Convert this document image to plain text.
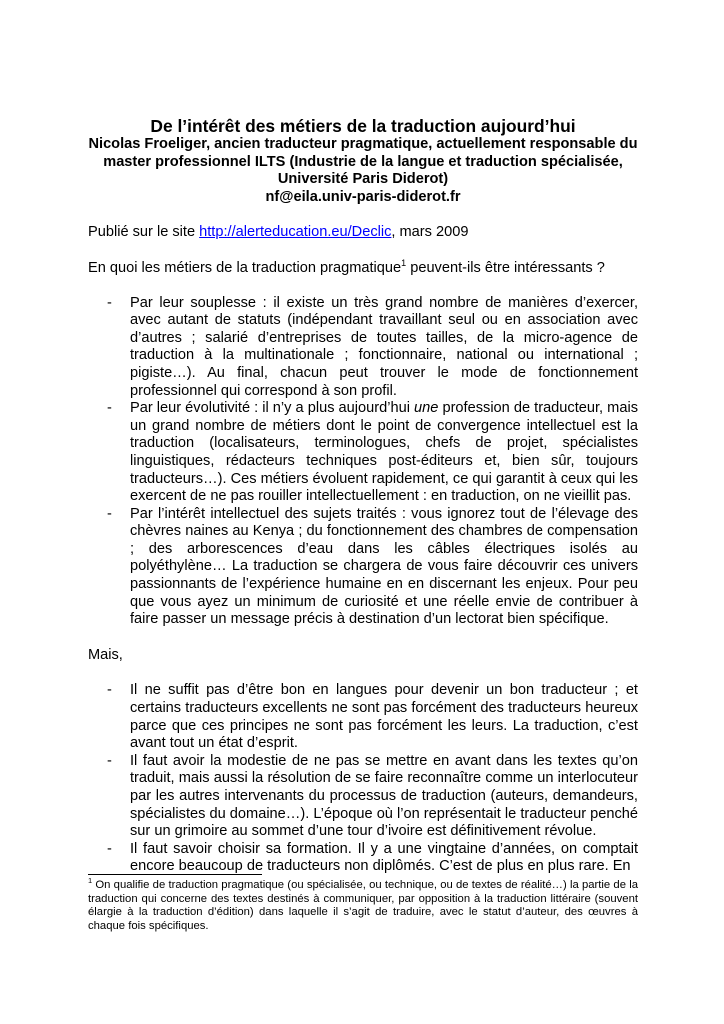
De l’intérêt des métiers de la traduction aujourd’hui
Nicolas Froeliger, ancien traducteur pragmatique, actuellement responsable du
master professionnel ILTS (Industrie de la langue et traduction spécialisée,
Université Paris Diderot)
nf@eila.univ-paris-diderot.fr

Publié sur le site http://alerteducation.eu/Declic, mars 2009

En quoi les métiers de la traduction pragmatique$^1$ peuvent-ils être intéressants ?

- Par leur souplesse : il existe un très grand nombre de manières d’exercer, avec autant de statuts (indépendant travaillant seul ou en association avec d’autres ; salarié d’entreprises de toutes tailles, de la micro-agence de traduction à la multinationale ; fonctionnaire, national ou international ; pigiste…). Au final, chacun peut trouver le mode de fonctionnement professionnel qui correspond à son profil.
- Par leur évolutivité : il n’y a plus aujourd’hui une profession de traducteur, mais un grand nombre de métiers dont le point de convergence intellectuel est la traduction (localisateurs, terminologues, chefs de projet, spécialistes linguistiques, rédacteurs techniques post-éditeurs et, bien sûr, toujours traducteurs…). Ces métiers évoluent rapidement, ce qui garantit à ceux qui les exercent de ne pas rouiller intellectuellement : en traduction, on ne vieillit pas.
- Par l’intérêt intellectuel des sujets traités : vous ignorez tout de l’élevage des chèvres naines au Kenya ; du fonctionnement des chambres de compensation ; des arborescences d’eau dans les câbles électriques isolés au polyéthylène… La traduction se chargera de vous faire découvrir ces univers passionnants de l’expérience humaine en en discernant les enjeux. Pour peu que vous ayez un minimum de curiosité et une réelle envie de contribuer à faire passer un message précis à destination d’un lectorat bien spécifique.

Mais,

- Il ne suffit pas d’être bon en langues pour devenir un bon traducteur ; et certains traducteurs excellents ne sont pas forcément des traducteurs heureux parce que ces principes ne sont pas forcément les leurs. La traduction, c’est avant tout un état d’esprit.
- Il faut avoir la modestie de ne pas se mettre en avant dans les textes qu’on traduit, mais aussi la résolution de se faire reconnaître comme un interlocuteur par les autres intervenants du processus de traduction (auteurs, demandeurs, spécialistes du domaine…). L’époque où l’on représentait le traducteur penché sur un grimoire au sommet d’une tour d’ivoire est définitivement révolue.
- Il faut savoir choisir sa formation. Il y a une vingtaine d’années, on comptait encore beaucoup de traducteurs non diplômés. C’est de plus en plus rare. En
$^1$ On qualifie de traduction pragmatique (ou spécialisée, ou technique, ou de textes de réalité…) la partie de la traduction qui concerne des textes destinés à communiquer, par opposition à la traduction littéraire (souvent élargie à la traduction d’édition) dans laquelle il s’agit de traduire, avec le statut d’auteur, des œuvres à chaque fois spécifiques.
